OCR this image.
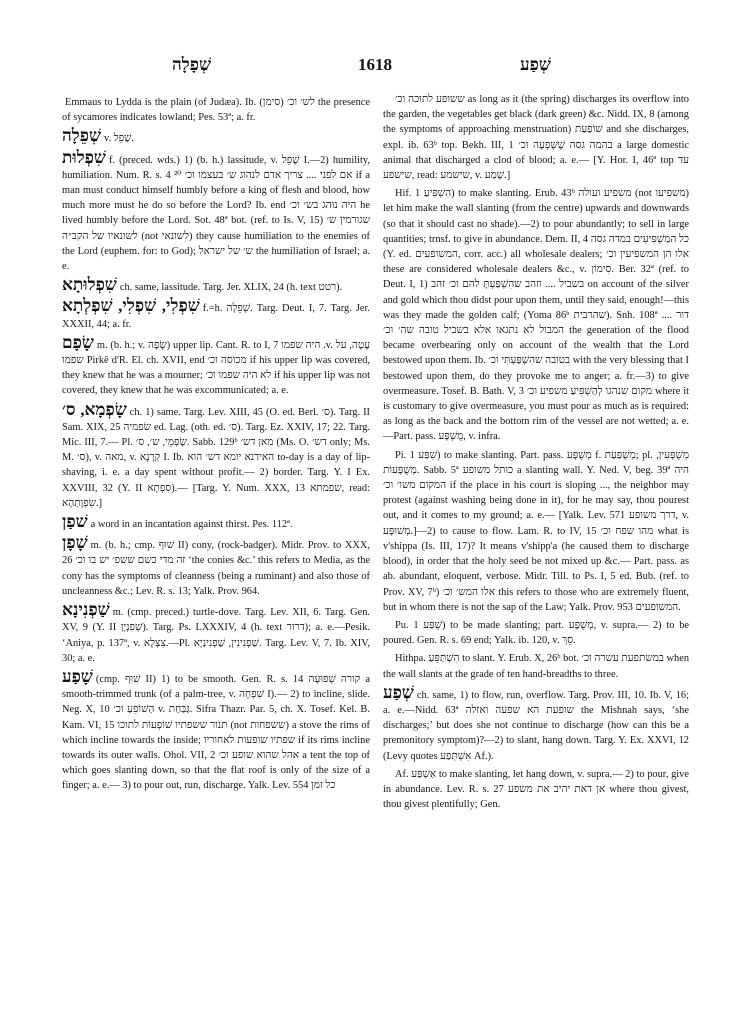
שְׁפָלָה	1618	שְׁפַע

Emmaus to Lydda is the plain (of Judæa). Ib. (סימן) לש׳ וכ׳ the presence of sycamores indicates lowland; Pes. 53ª; a. fr.

שְׁפֵלָה v. שָׁפֵל.

שִׁפְלוּת f. (preced. wds.) 1) (b. h.) lassitude, v. שָׁפֵל I.—2) humility, humiliation. Num. R. s. 4 ²⁰ אם לפני .... צריך אדם לנהוג ש׳ בעצמו וכ׳ if a man must conduct himself humbly before a king of flesh and blood, how much more must he do so before the Lord? Ib. end היה נוהג בש׳ וכ׳ he lived humbly before the Lord. Sot. 48ª bot. (ref. to Is. V, 15) שגורמין ש׳ לשונאיו של הקב״ה (not לשונאי) they cause humiliation to the enemies of the Lord (euphem. for: to God); ש׳ של ישראל the humiliation of Israel; a. e.

שִׁפְלוּתָא ch. same, lassitude. Targ. Jer. XLIX, 24 (h. text רטט).

שִׁפְלִי, שִׁפְלִי, שִׁפְלְתָא f.=h. שְׁפֵלָה. Targ. Deut. I, 7. Targ. Jer. XXXII, 44; a. fr.

שָׂפָם m. (b. h.; v. שָׂפָה) upper lip. Cant. R. to I, 7 היה שפמו .v. עָטָה, על שפמו Pirkê d'R. El. ch. XVII, end מכוסה וכ׳ if his upper lip was covered, they knew that he was a mourner; לא היה שפמו וכ׳ if his upper lip was not covered, they knew that he was excommunicated; a. e.

שָׂפְמָא, ס׳ ch. 1) same. Targ. Lev. XIII, 45 (O. ed. Berl. ס׳). Targ. II Sam. XIX, 25 שׂפמיה ed. Lag. (oth. ed. ס׳). Targ. Ez. XXIV, 17; 22. Targ. Mic. III, 7.— Pl. שָׂפְמֵי, ש׳, ס׳. Sabb. 129ᵇ מאן דש׳ (Ms. O. דש׳ only; Ms. M. ס׳), v. מאה, v. קְרָנָא I. Ib. האידנא יומא דש׳ הוא to-day is a day of lip-shaving, i. e. a day spent without profit.— 2) border. Targ. Y. I Ex. XXVIII, 32 (Y. II סִפְתָא).— [Targ. Y. Num. XXX, 13 שפמתא, read: שִׂפְוָתַהָא.]

שׁפַן a word in an incantation against thirst. Pes. 112ª.

שָׁפָן m. (b. h.; cmp. שׁוּף II) cony, (rock-badger). Midr. Prov. to XXX, 26 זה מדי כשם ששפ׳ יש בו וכ׳ ‘the conies &c.’ this refers to Media, as the cony has the symptoms of cleanness (being a ruminant) and also those of uncleanness &c.; Lev. R. s. 13; Yalk. Prov. 964.

שַׁפְנִינָא m. (cmp. preced.) turtle-dove. Targ. Lev. XII, 6. Targ. Gen. XV, 9 (Y. II שְׁפִנְיָן). Targ. Ps. LXXXIV, 4 (h. text דרור); a. e.—Pesik. ‘Aniya, p. 137ª, v. צִצְלָא.—Pl. שַׁפְנִינִין, שַׁפְנִינַיָא. Targ. Lev. V, 7. Ib. XIV, 30; a. e.

שָׁפַע (cmp. שׁוּף II) 1) to be smooth. Gen. R. s. 14 קורה שְׁפוּעָה a smooth-trimmed trunk (of a palm-tree, v. שִׁפְחָה I).— 2) to incline, slide. Neg. X, 10 הַשׁוֹפֵעַ וכ׳ v. גַּבַּחַת. Sifra Thazr. Par. 5, ch. X. Tosef. Kel. B. Kam. VI, 15 תנור ששפתיו שׁוֹפְעוֹת לתוכו (not ששפחות) a stove the rims of which incline towards the inside; שפתיו שופעות לאחוריו if its rims incline towards its outer walls. Ohol. VII, 2 אהל שהוא שופע וכ׳ a tent the top of which goes slanting down, so that the flat roof is only of the size of a finger; a. e.— 3) to pour out, run, discharge. Yalk. Lev. 554 כל זמן

ששופע לתוכה וכ׳ as long as it (the spring) discharges its overflow into the garden, the vegetables get black (dark green) &c. Nidd. IX, 8 (among the symptoms of approaching menstruation) שׁוֹפַעַת and she discharges, expl. ib. 63ᵇ top. Bekh. III, 1 בהמה גסה שֶׁשָּׁפְעָה וכ׳ a large domestic animal that discharged a clod of blood; a. e.— [Y. Hor. I, 46ª top עד שישפע, read: שישמע, v. שָׁמַע.]

Hif. הִשְׁפִּיעַ 1) to make slanting. Erub. 43ᵇ משפיע ועולה (not משפיעו) let him make the wall slanting (from the centre) upwards and downwards (so that it should cast no shade).—2) to pour abundantly; to sell in large quantities; trnsf. to give in abundance. Dem. II, 4 כל המַשְׁפִּיעִים במדה גסה (Y. ed. המשופעים, corr. acc.) all wholesale dealers; אלו הן המשפיעין וכ׳ these are considered wholesale dealers &c., v. סִימוֹן. Ber. 32ª (ref. to Deut. I, 1) בשביל .... וזהב שהִשְׁפַּעְתָּ להם וכ׳ זהב on account of the silver and gold which thou didst pour upon them, until they said, enough!—this was they made the golden calf; (Yoma 86ᵇ שהרבית). Snh. 108ª .... דור המבול לא נתגאו אלא בשביל טובה שה׳ וכ׳ the generation of the flood became overbearing only on account of the wealth that the Lord bestowed upon them. Ib. בטובה שהִשְׁפַּעְתִּי וכ׳ with the very blessing that I bestowed upon them, do they provoke me to anger; a. fr.—3) to give overmeasure. Tosef. B. Bath. V, 3 מקום שנהגו לְהַשְׁפִּיעַ משפיע וכ׳ where it is customary to give overmeasure, you must pour as much as is required: as long as the back and the bottom rim of the vessel are not wetted; a. e.—Part. pass. מֻשְׁפָּע, v. infra.

Pi. שִׁפַּע 1) to make slanting. Part. pass. מְשֻׁפָּע f. מְשֻׁפַּעַת; pl. מְשֻׁפָּעִין, מְשֻׁפָּעוֹת. Sabb. 5ª כותל משופע a slanting wall. Y. Ned. V, beg. 39ª היה המקום משו׳ וכ׳ if the place in his court is sloping ..., the neighbor may protest (against washing being done in it), for he may say, thou pourest out, and it comes to my ground; a. e.— [Yalk. Lev. 571 דרך משופע, v. מְשׁוּפָּע.]—2) to cause to flow. Lam. R. to IV, 15 מהו שפח וכ׳ what is v'shippa (Is. III, 17)? It means v'shipp'a (he caused them to discharge blood), in order that the holy seed be not mixed up &c.— Part. pass. as ab. abundant, eloquent, verbose. Midr. Till. to Ps. I, 5 ed. Bub. (ref. to Prov. XV, 7ᵇ) אלו המש׳ וכ׳ this refers to those who are extremely fluent, but in whom there is not the sap of the Law; Yalk. Prov. 953 המשופעים.

Pu. שֻׁפַּע 1) to be made slanting; part. מְשֻׁפָּע, v. supra.— 2) to be poured. Gen. R. s. 69 end; Yalk. ib. 120, v. סֵךְ.

Hithpa. הִשְׁתַּפֵּעַ to slant. Y. Erub. X, 26ᵇ bot. במשתפעת עשרה וכ׳ when the wall slants at the grade of ten hand-breadths to three.

שְׁפַע ch. same, 1) to flow, run, overflow. Targ. Prov. III, 10. Ib. V, 16; a. e.—Nidd. 63ª שופעת הא שפעה ואזלה the Mishnah says, ‘she discharges;’ but does she not continue to discharge (how can this be a premonitory symptom)?—2) to slant, hang down. Targ. Y. Ex. XXVI, 12 (Levy quotes אִשְׁתְּפַע Af.).

Af. אַשְׁפַּע to make slanting, let hang down, v. supra.— 2) to pour, give in abundance. Lev. R. s. 27 אן דאת יהיב את משפע where thou givest, thou givest plentifully; Gen.
